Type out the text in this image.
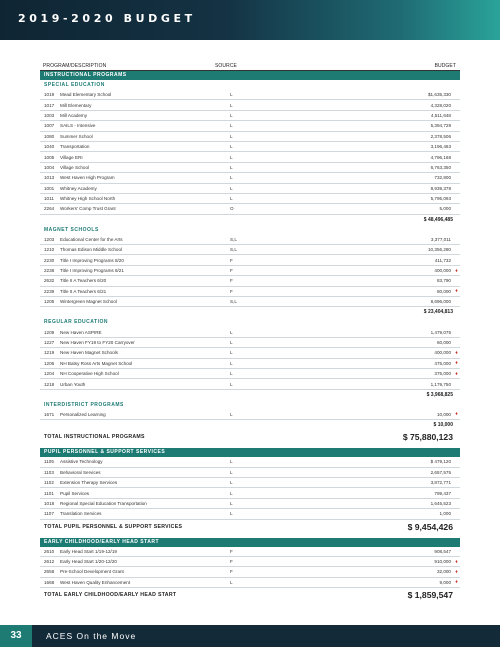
2019-2020 BUDGET
PROGRAM/DESCRIPTION	SOURCE	BUDGET
INSTRUCTIONAL PROGRAMS
SPECIAL EDUCATION
1019	Mead Elementary School	L	$1,635,330
1017	Mill Elementary	L	4,328,020
1003	Mill Academy	L	4,511,648
1007	SAILS - Intensive	L	5,394,729
1080	Summer School	L	2,378,506
1040	Transportation	L	3,196,463
1005	Village ERI	L	4,796,168
1004	Village School	L	6,763,350
1013	West Haven High Program	L	732,800
1001	Whitney Academy	L	8,939,378
1011	Whitney High School North	L	5,795,093
2264	Workers' Comp Trust Grant	O	5,000
$ 48,496,485
MAGNET SCHOOLS
1203	Educational Center for the Arts	S,L	3,377,011
1210	Thomas Edison Middle School	S,L	10,356,280
2230	Title I Improving Programs 8/20	F	411,732
2238	Title I Improving Programs 8/21	F	400,000 ♦
2632	Title II A Teachers 6/20	F	83,790
2239	Title II A Teachers 6/21	F	80,000 ♦
1205	Wintergreen Magnet School	S,L	8,696,000
$ 23,404,813
REGULAR EDUCATION
1209	New Haven ASPIRE	L	1,479,075
1227	New Haven FY19 to FY20 Carryover	L	60,000
1219	New Haven Magnet Schools	L	400,000 ♦
1206	NH Batsy Ross Arts Magnet School	L	475,000 ♦
1204	NH Cooperative High School	L	375,000 ♦
1218	Urban Youth	L	1,179,750
$ 3,968,825
INTERDISTRICT PROGRAMS
1671	Personalized Learning	L	10,000 ♦
$ 10,000
TOTAL INSTRUCTIONAL PROGRAMS	$ 75,880,123
PUPIL PERSONNEL & SUPPORT SERVICES
1105	Assistive Technology	L	$ 479,120
1103	Behavioral Services	L	2,657,575
1102	Extension Therapy Services	L	3,872,771
1101	Pupil Services	L	799,437
1018	Regional Special Education Transportation	L	1,645,523
1107	Translation Services	L	1,000
TOTAL PUPIL PERSONNEL & SUPPORT SERVICES	$ 9,454,426
EARLY CHILDHOOD/EARLY HEAD START
2610	Early Head Start 1/19-12/19	F	908,547
2612	Early Head Start 1/20-12/20	F	910,000 ♦
2658	Pre-School Development Grant	F	32,000 ♦
1668	West Haven Quality Enhancement	L	9,000 ♦
TOTAL EARLY CHILDHOOD/EARLY HEAD START	$ 1,859,547
33	ACES On the Move
